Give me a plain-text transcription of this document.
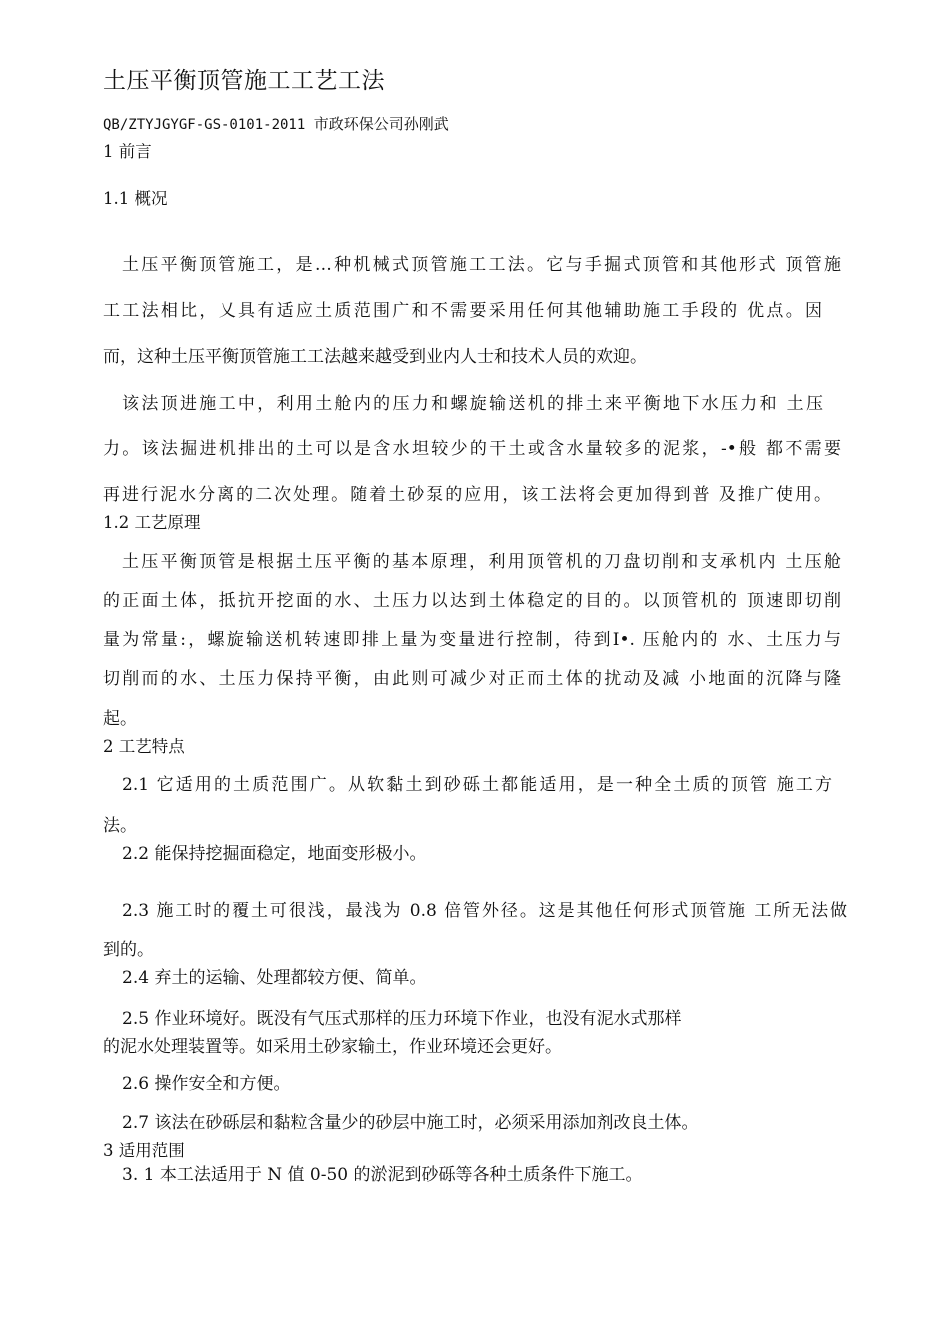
土压平衡顶管施工工艺工法
QB/ZTYJGYGF-GS-0101-2011 市政环保公司孙刚武
1 前言
1.1 概况
土压平衡顶管施工，是…种机械式顶管施工工法。它与手掘式顶管和其他形式 顶管施
工工法相比，乂具有适应土质范围广和不需要采用任何其他辅助施工手段的 优点。因
而，这种土压平衡顶管施工工法越来越受到业内人士和技术人员的欢迎。
该法顶进施工中，利用土舱内的压力和螺旋输送机的排土来平衡地下水压力和 土压
力。该法掘进机排出的土可以是含水坦较少的干土或含水量较多的泥浆，-•般 都不需要
再进行泥水分离的二次处理。随着土砂泵的应用，该工法将会更加得到普 及推广使用。
1.2 工艺原理
土压平衡顶管是根据土压平衡的基本原理，利用顶管机的刀盘切削和支承机内 土压舱
的正面土体，抵抗开挖面的水、土压力以达到土体稳定的目的。以顶管机的 顶速即切削
量为常量:，螺旋输送机转速即排上量为变量进行控制，待到I•. 压舱内的 水、土压力与
切削而的水、土压力保持平衡，由此则可减少对正而土体的扰动及减 小地面的沉降与隆
起。
2 工艺特点
2.1 它适用的土质范围广。从软黏土到砂砾土都能适用，是一种全土质的顶管 施工方
法。
2.2 能保持挖掘面稳定，地面变形极小。
2.3 施工时的覆土可很浅，最浅为 0.8 倍管外径。这是其他任何形式顶管施 工所无法做
到的。
2.4 弃土的运输、处理都较方便、简单。
2.5 作业环境好。既没有气压式那样的压力环境下作业，也没有泥水式那样
的泥水处理装置等。如采用土砂家输土，作业环境还会更好。
2.6 操作安全和方便。
2.7 该法在砂砾层和黏粒含量少的砂层中施工时，必须采用添加剂改良土体。
3 适用范围
3. 1 本工法适用于 N 值 0-50 的淤泥到砂砾等各种土质条件下施工。
